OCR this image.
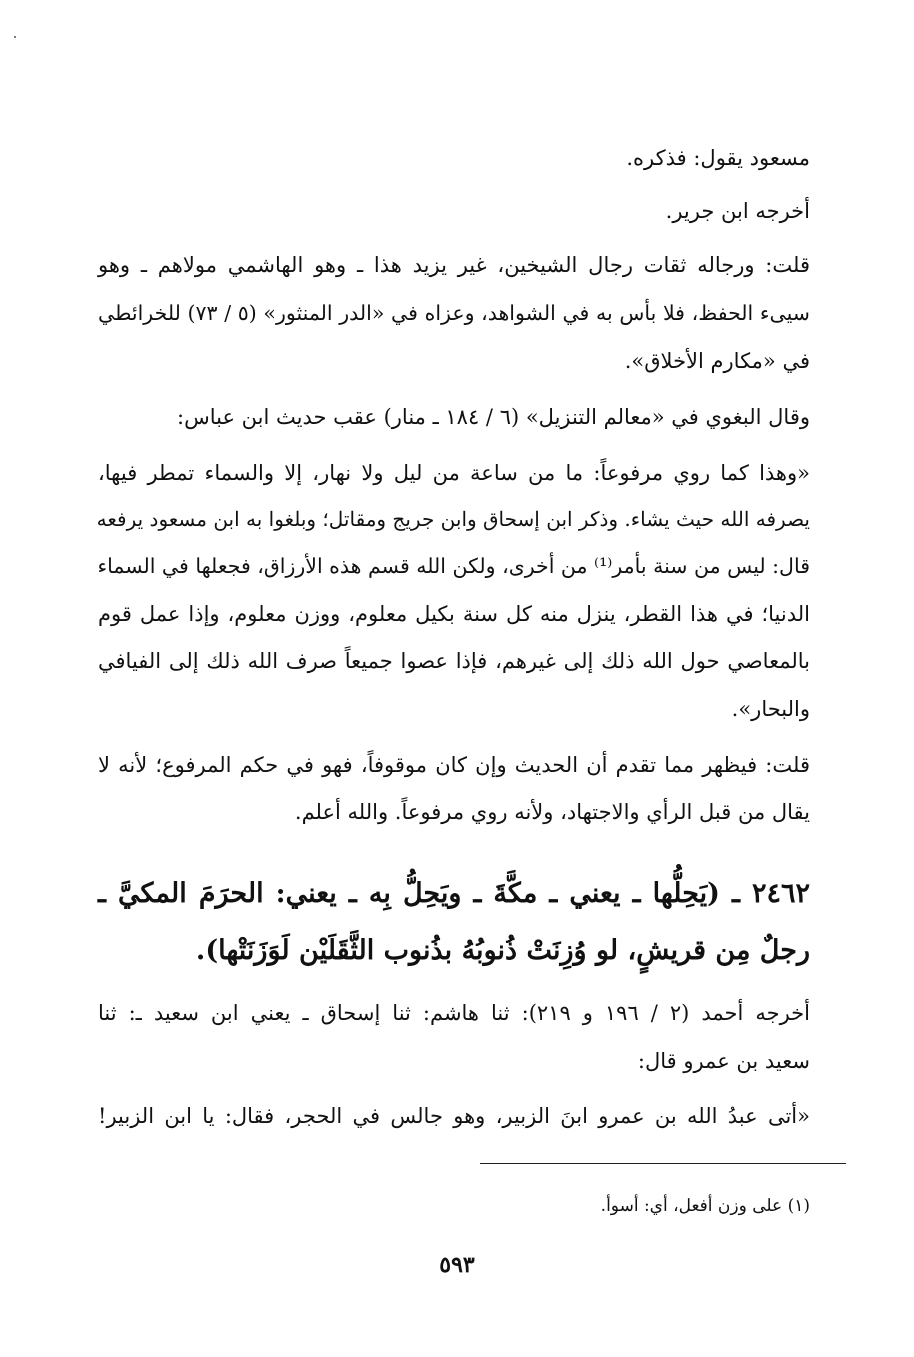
مسعود يقول: فذكره.
أخرجه ابن جرير.
قلت: ورجاله ثقات رجال الشيخين، غير يزيد هذا ـ وهو الهاشمي مولاهم ـ وهو
سيىء الحفظ، فلا بأس به في الشواهد، وعزاه في «الدر المنثور» (٥ / ٧٣) للخرائطي
في «مكارم الأخلاق».
وقال البغوي في «معالم التنزيل» (٦ / ١٨٤ ـ منار) عقب حديث ابن عباس:
«وهذا كما روي مرفوعاً: ما من ساعة من ليل ولا نهار، إلا والسماء تمطر فيها،
يصرفه الله حيث يشاء. وذكر ابن إسحاق وابن جريج ومقاتل؛ وبلغوا به ابن مسعود يرفعه
قال: ليس من سنة بأمر⁽¹⁾ من أخرى، ولكن الله قسم هذه الأرزاق، فجعلها في السماء
الدنيا؛ في هذا القطر، ينزل منه كل سنة بكيل معلوم، ووزن معلوم، وإذا عمل قوم
بالمعاصي حول الله ذلك إلى غيرهم، فإذا عصوا جميعاً صرف الله ذلك إلى الفيافي
والبحار».
قلت: فيظهر مما تقدم أن الحديث وإن كان موقوفاً، فهو في حكم المرفوع؛ لأنه لا
يقال من قبل الرأي والاجتهاد، ولأنه روي مرفوعاً. والله أعلم.
٢٤٦٢ ـ (يَحِلُّها ـ يعني ـ مكَّةَ ـ ويَحِلُّ بِه ـ يعني: الحرَمَ المكيَّ ـ
رجلٌ مِن قريشٍ، لو وُزِنَتْ ذُنوبُهُ بذُنوب الثَّقَلَيْن لَوَزَنَتْها).
أخرجه أحمد (٢ / ١٩٦ و ٢١٩): ثنا هاشم: ثنا إسحاق ـ يعني ابن سعيد ـ: ثنا
سعيد بن عمرو قال:
«أتى عبدُ الله بن عمرو ابنَ الزبير، وهو جالس في الحجر، فقال: يا ابن الزبير!
(١) على وزن أفعل، أي: أسوأ.
٥٩٣
